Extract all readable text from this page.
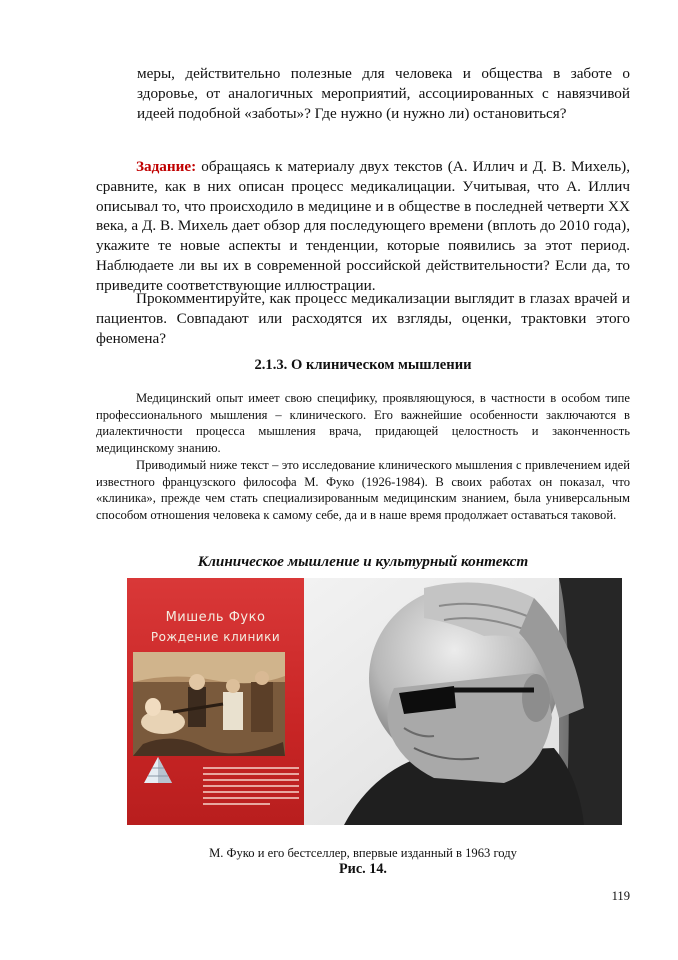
меры, действительно полезные для человека и общества в заботе о здоровье, от аналогичных мероприятий, ассоциированных с навязчивой идеей подобной «заботы»? Где нужно (и нужно ли) остановиться?
Задание: обращаясь к материалу двух текстов (А. Иллич и Д. В. Михель), сравните, как в них описан процесс медикалицации. Учитывая, что А. Иллич описывал то, что происходило в медицине и в обществе в последней четверти XX века, а Д. В. Михель дает обзор для последующего времени (вплоть до 2010 года), укажите те новые аспекты и тенденции, которые появились за этот период. Наблюдаете ли вы их в современной российской действительности? Если да, то приведите соответствующие иллюстрации.
Прокомментируйте, как процесс медикализации выглядит в глазах врачей и пациентов. Совпадают или расходятся их взгляды, оценки, трактовки этого феномена?
2.1.3. О клиническом мышлении
Медицинский опыт имеет свою специфику, проявляющуюся, в частности в особом типе профессионального мышления – клинического. Его важнейшие особенности заключаются в диалектичности процесса мышления врача, придающей целостность и законченность медицинскому знанию.
Приводимый ниже текст – это исследование клинического мышления с привлечением идей известного французского философа М. Фуко (1926-1984). В своих работах он показал, что «клиника», прежде чем стать специализированным медицинским знанием, была универсальным способом отношения человека к самому себе, да и в наше время продолжает оставаться таковой.
Клиническое мышление и культурный контекст
Мишель Фуко
Рождение клиники
М. Фуко и его бестселлер, впервые изданный в 1963 году
Рис. 14.
119
